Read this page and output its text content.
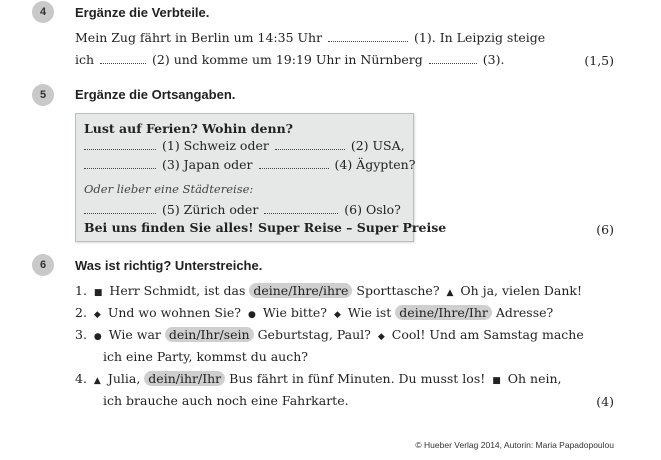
4	Ergänze die Verbteile.
Mein Zug fährt in Berlin um 14:35 Uhr	(1). In Leipzig steige
ich	(2) und komme um 19:19 Uhr in Nürnberg	(3).	(1,5)
5	Ergänze die Ortsangaben.
Lust auf Ferien? Wohin denn?
(1) Schweiz oder	(2) USA,
(3) Japan oder	(4) Ägypten?
Oder lieber eine Städtereise:
(5) Zürich oder	(6) Oslo?
Bei uns finden Sie alles! Super Reise – Super Preise	(6)
6	Was ist richtig? Unterstreiche.
1. ■ Herr Schmidt, ist das deine/Ihre/ihre Sporttasche? ▲ Oh ja, vielen Dank!
2. ◆ Und wo wohnen Sie? ● Wie bitte? ◆ Wie ist deine/Ihre/Ihr Adresse?
3. ● Wie war dein/Ihr/sein Geburtstag, Paul? ◆ Cool! Und am Samstag mache
ich eine Party, kommst du auch?
4. ▲ Julia, dein/ihr/Ihr Bus fährt in fünf Minuten. Du musst los! ■ Oh nein,
ich brauche auch noch eine Fahrkarte.	(4)
© Hueber Verlag 2014, Autorin: Maria Papadopoulou
